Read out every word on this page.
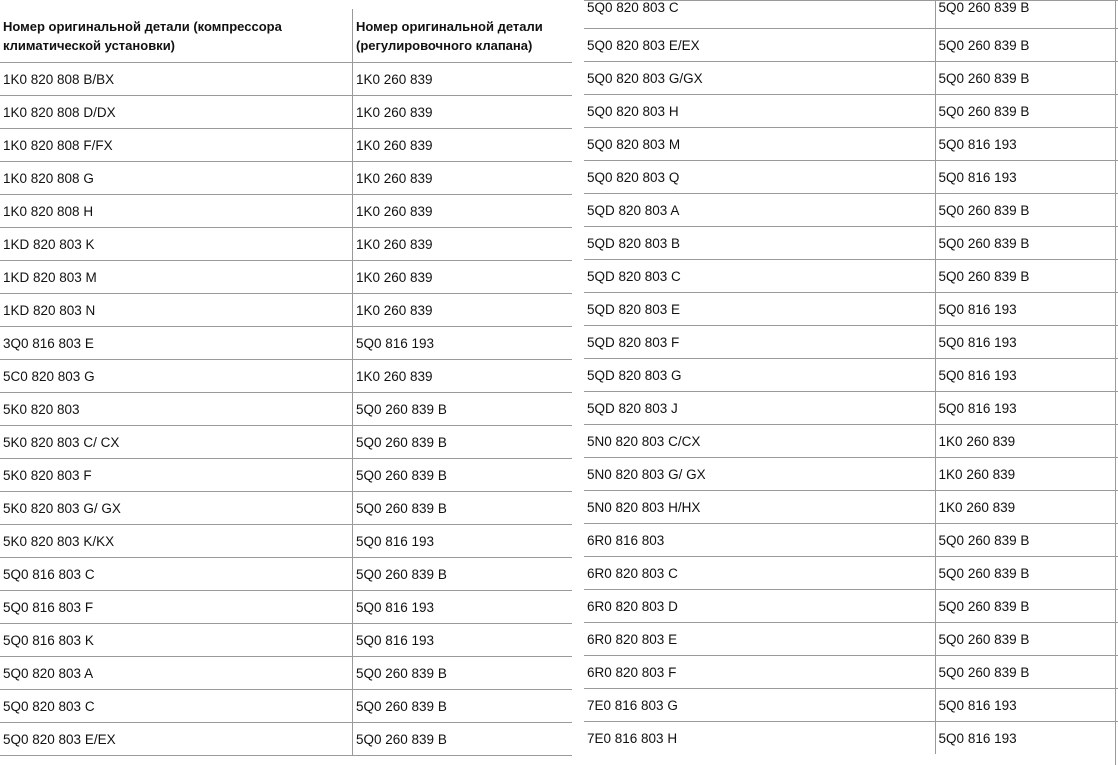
Номер оригинальной детали (компрессора климатической установки)	Номер оригинальной детали (регулировочного клапана)
1K0 820 808 B/BX	1K0 260 839
1K0 820 808 D/DX	1K0 260 839
1K0 820 808 F/FX	1K0 260 839
1K0 820 808 G	1K0 260 839
1K0 820 808 H	1K0 260 839
1KD 820 803 K	1K0 260 839
1KD 820 803 M	1K0 260 839
1KD 820 803 N	1K0 260 839
3Q0 816 803 E	5Q0 816 193
5C0 820 803 G	1K0 260 839
5K0 820 803	5Q0 260 839 B
5K0 820 803 C/ CX	5Q0 260 839 B
5K0 820 803 F	5Q0 260 839 B
5K0 820 803 G/ GX	5Q0 260 839 B
5K0 820 803 K/KX	5Q0 816 193
5Q0 816 803 C	5Q0 260 839 B
5Q0 816 803 F	5Q0 816 193
5Q0 816 803 K	5Q0 816 193
5Q0 820 803 A	5Q0 260 839 B
5Q0 820 803 C	5Q0 260 839 B
5Q0 820 803 E/EX	5Q0 260 839 B
5Q0 820 803 C	5Q0 260 839 B
5Q0 820 803 E/EX	5Q0 260 839 B
5Q0 820 803 G/GX	5Q0 260 839 B
5Q0 820 803 H	5Q0 260 839 B
5Q0 820 803 M	5Q0 816 193
5Q0 820 803 Q	5Q0 816 193
5QD 820 803 A	5Q0 260 839 B
5QD 820 803 B	5Q0 260 839 B
5QD 820 803 C	5Q0 260 839 B
5QD 820 803 E	5Q0 816 193
5QD 820 803 F	5Q0 816 193
5QD 820 803 G	5Q0 816 193
5QD 820 803 J	5Q0 816 193
5N0 820 803 C/CX	1K0 260 839
5N0 820 803 G/ GX	1K0 260 839
5N0 820 803 H/HX	1K0 260 839
6R0 816 803	5Q0 260 839 B
6R0 820 803 C	5Q0 260 839 B
6R0 820 803 D	5Q0 260 839 B
6R0 820 803 E	5Q0 260 839 B
6R0 820 803 F	5Q0 260 839 B
7E0 816 803 G	5Q0 816 193
7E0 816 803 H	5Q0 816 193
